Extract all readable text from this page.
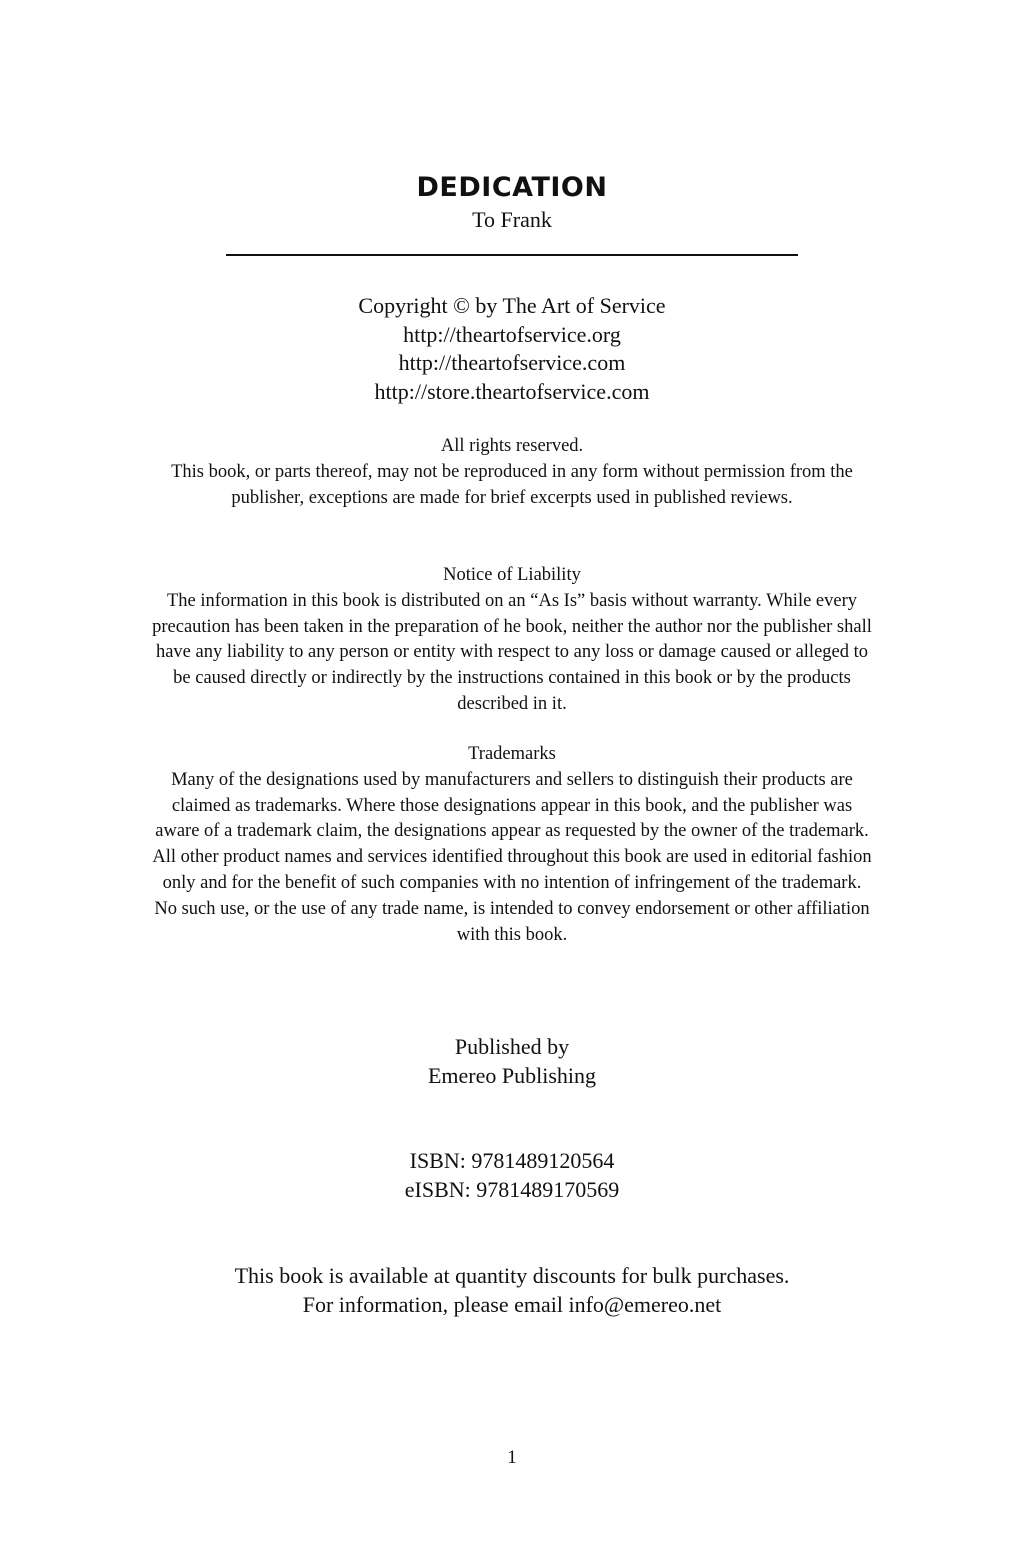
DEDICATION
To Frank
Copyright © by The Art of Service
http://theartofservice.org
http://theartofservice.com
http://store.theartofservice.com

All rights reserved.

This book, or parts thereof, may not be reproduced in any form without permission from the publisher, exceptions are made for brief excerpts used in published reviews.

Notice of Liability

The information in this book is distributed on an “As Is” basis without warranty. While every precaution has been taken in the preparation of he book, neither the author nor the publisher shall have any liability to any person or entity with respect to any loss or damage caused or alleged to be caused directly or indirectly by the instructions contained in this book or by the products described in it.

Trademarks

Many of the designations used by manufacturers and sellers to distinguish their products are claimed as trademarks. Where those designations appear in this book, and the publisher was aware of a trademark claim, the designations appear as requested by the owner of the trademark. All other product names and services identified throughout this book are used in editorial fashion only and for the benefit of such companies with no intention of infringement of the trademark. No such use, or the use of any trade name, is intended to convey endorsement or other affiliation with this book.

Published by
Emereo Publishing
ISBN: 9781489120564
eISBN: 9781489170569
This book is available at quantity discounts for bulk purchases.
For information, please email info@emereo.net
1
